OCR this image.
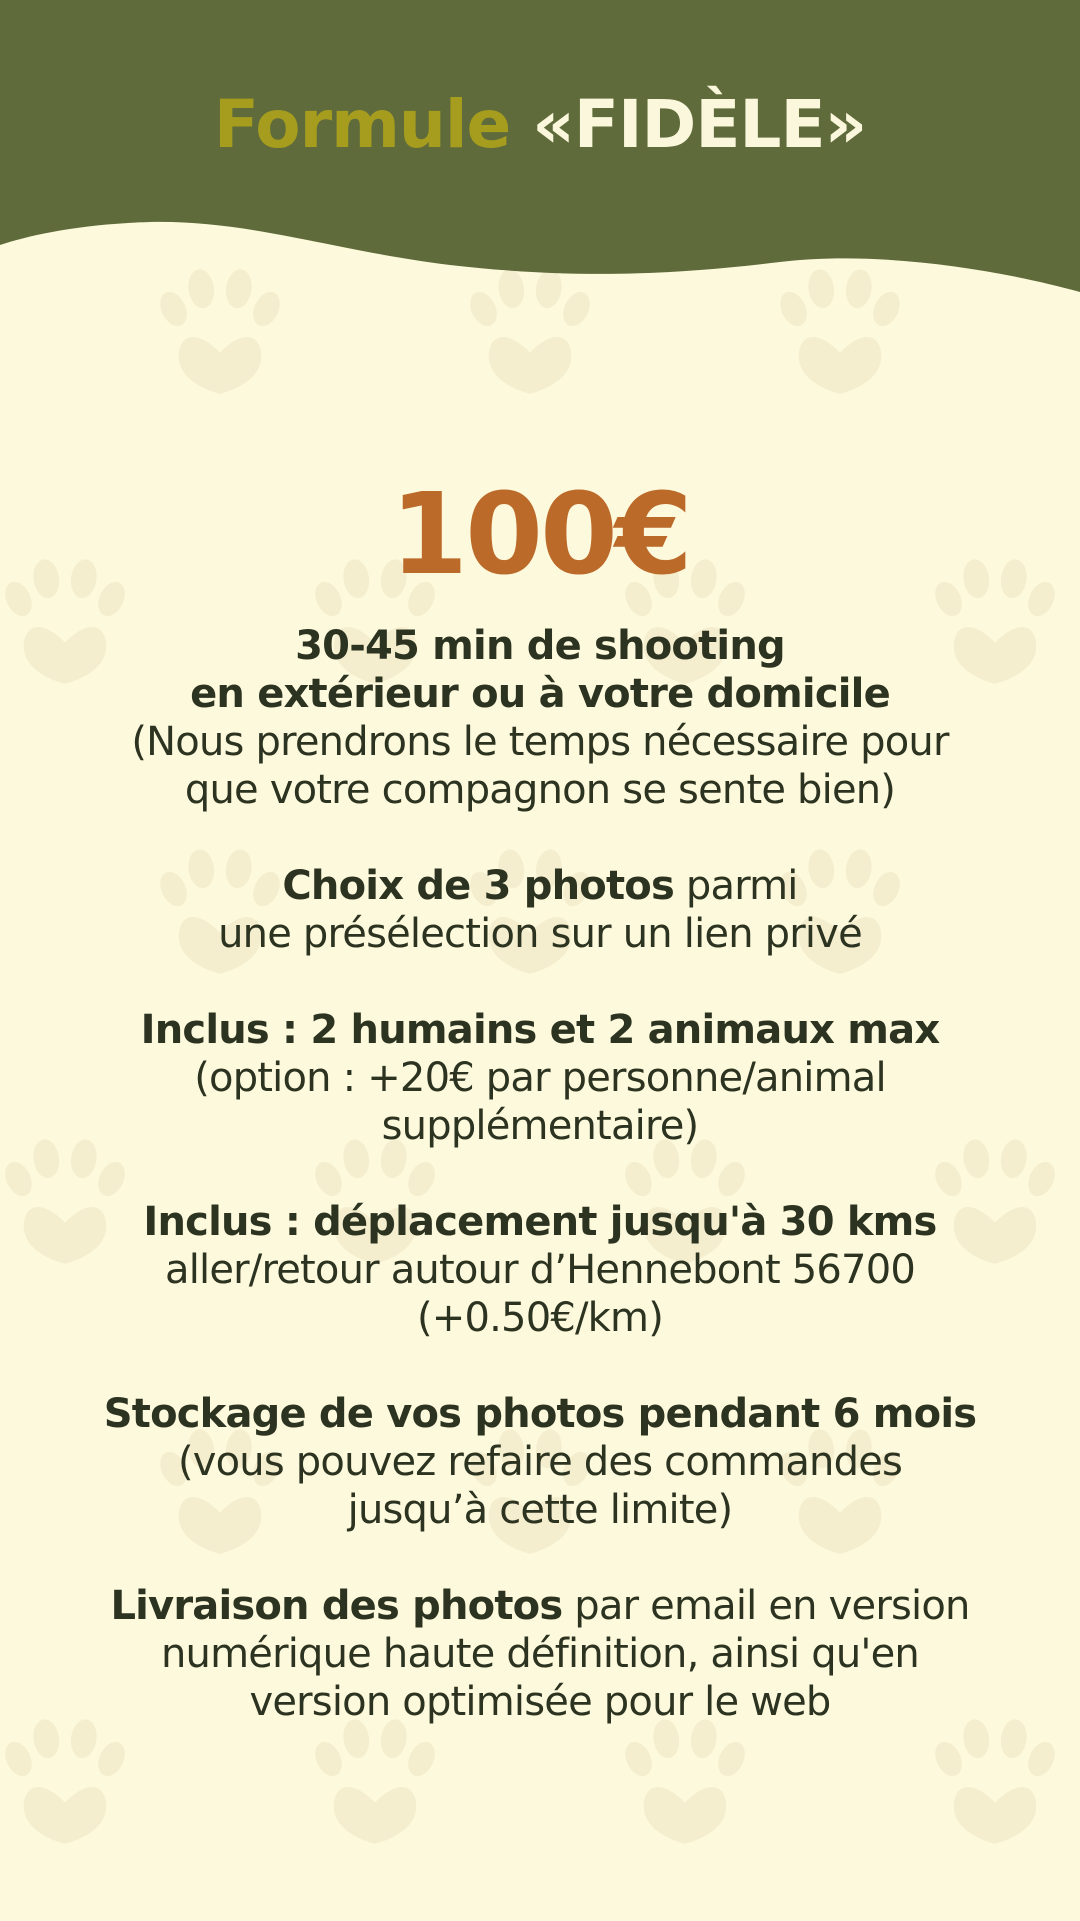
Formule «FIDÈLE»
100€
30-45 min de shooting
en extérieur ou à votre domicile
(Nous prendrons le temps nécessaire pour
que votre compagnon se sente bien)
Choix de 3 photos parmi
une présélection sur un lien privé
Inclus : 2 humains et 2 animaux max
(option : +20€ par personne/animal
supplémentaire)
Inclus : déplacement jusqu'à 30 kms
aller/retour autour d’Hennebont 56700
(+0.50€/km)
Stockage de vos photos pendant 6 mois
(vous pouvez refaire des commandes
jusqu’à cette limite)
Livraison des photos par email en version
numérique haute définition, ainsi qu'en
version optimisée pour le web
